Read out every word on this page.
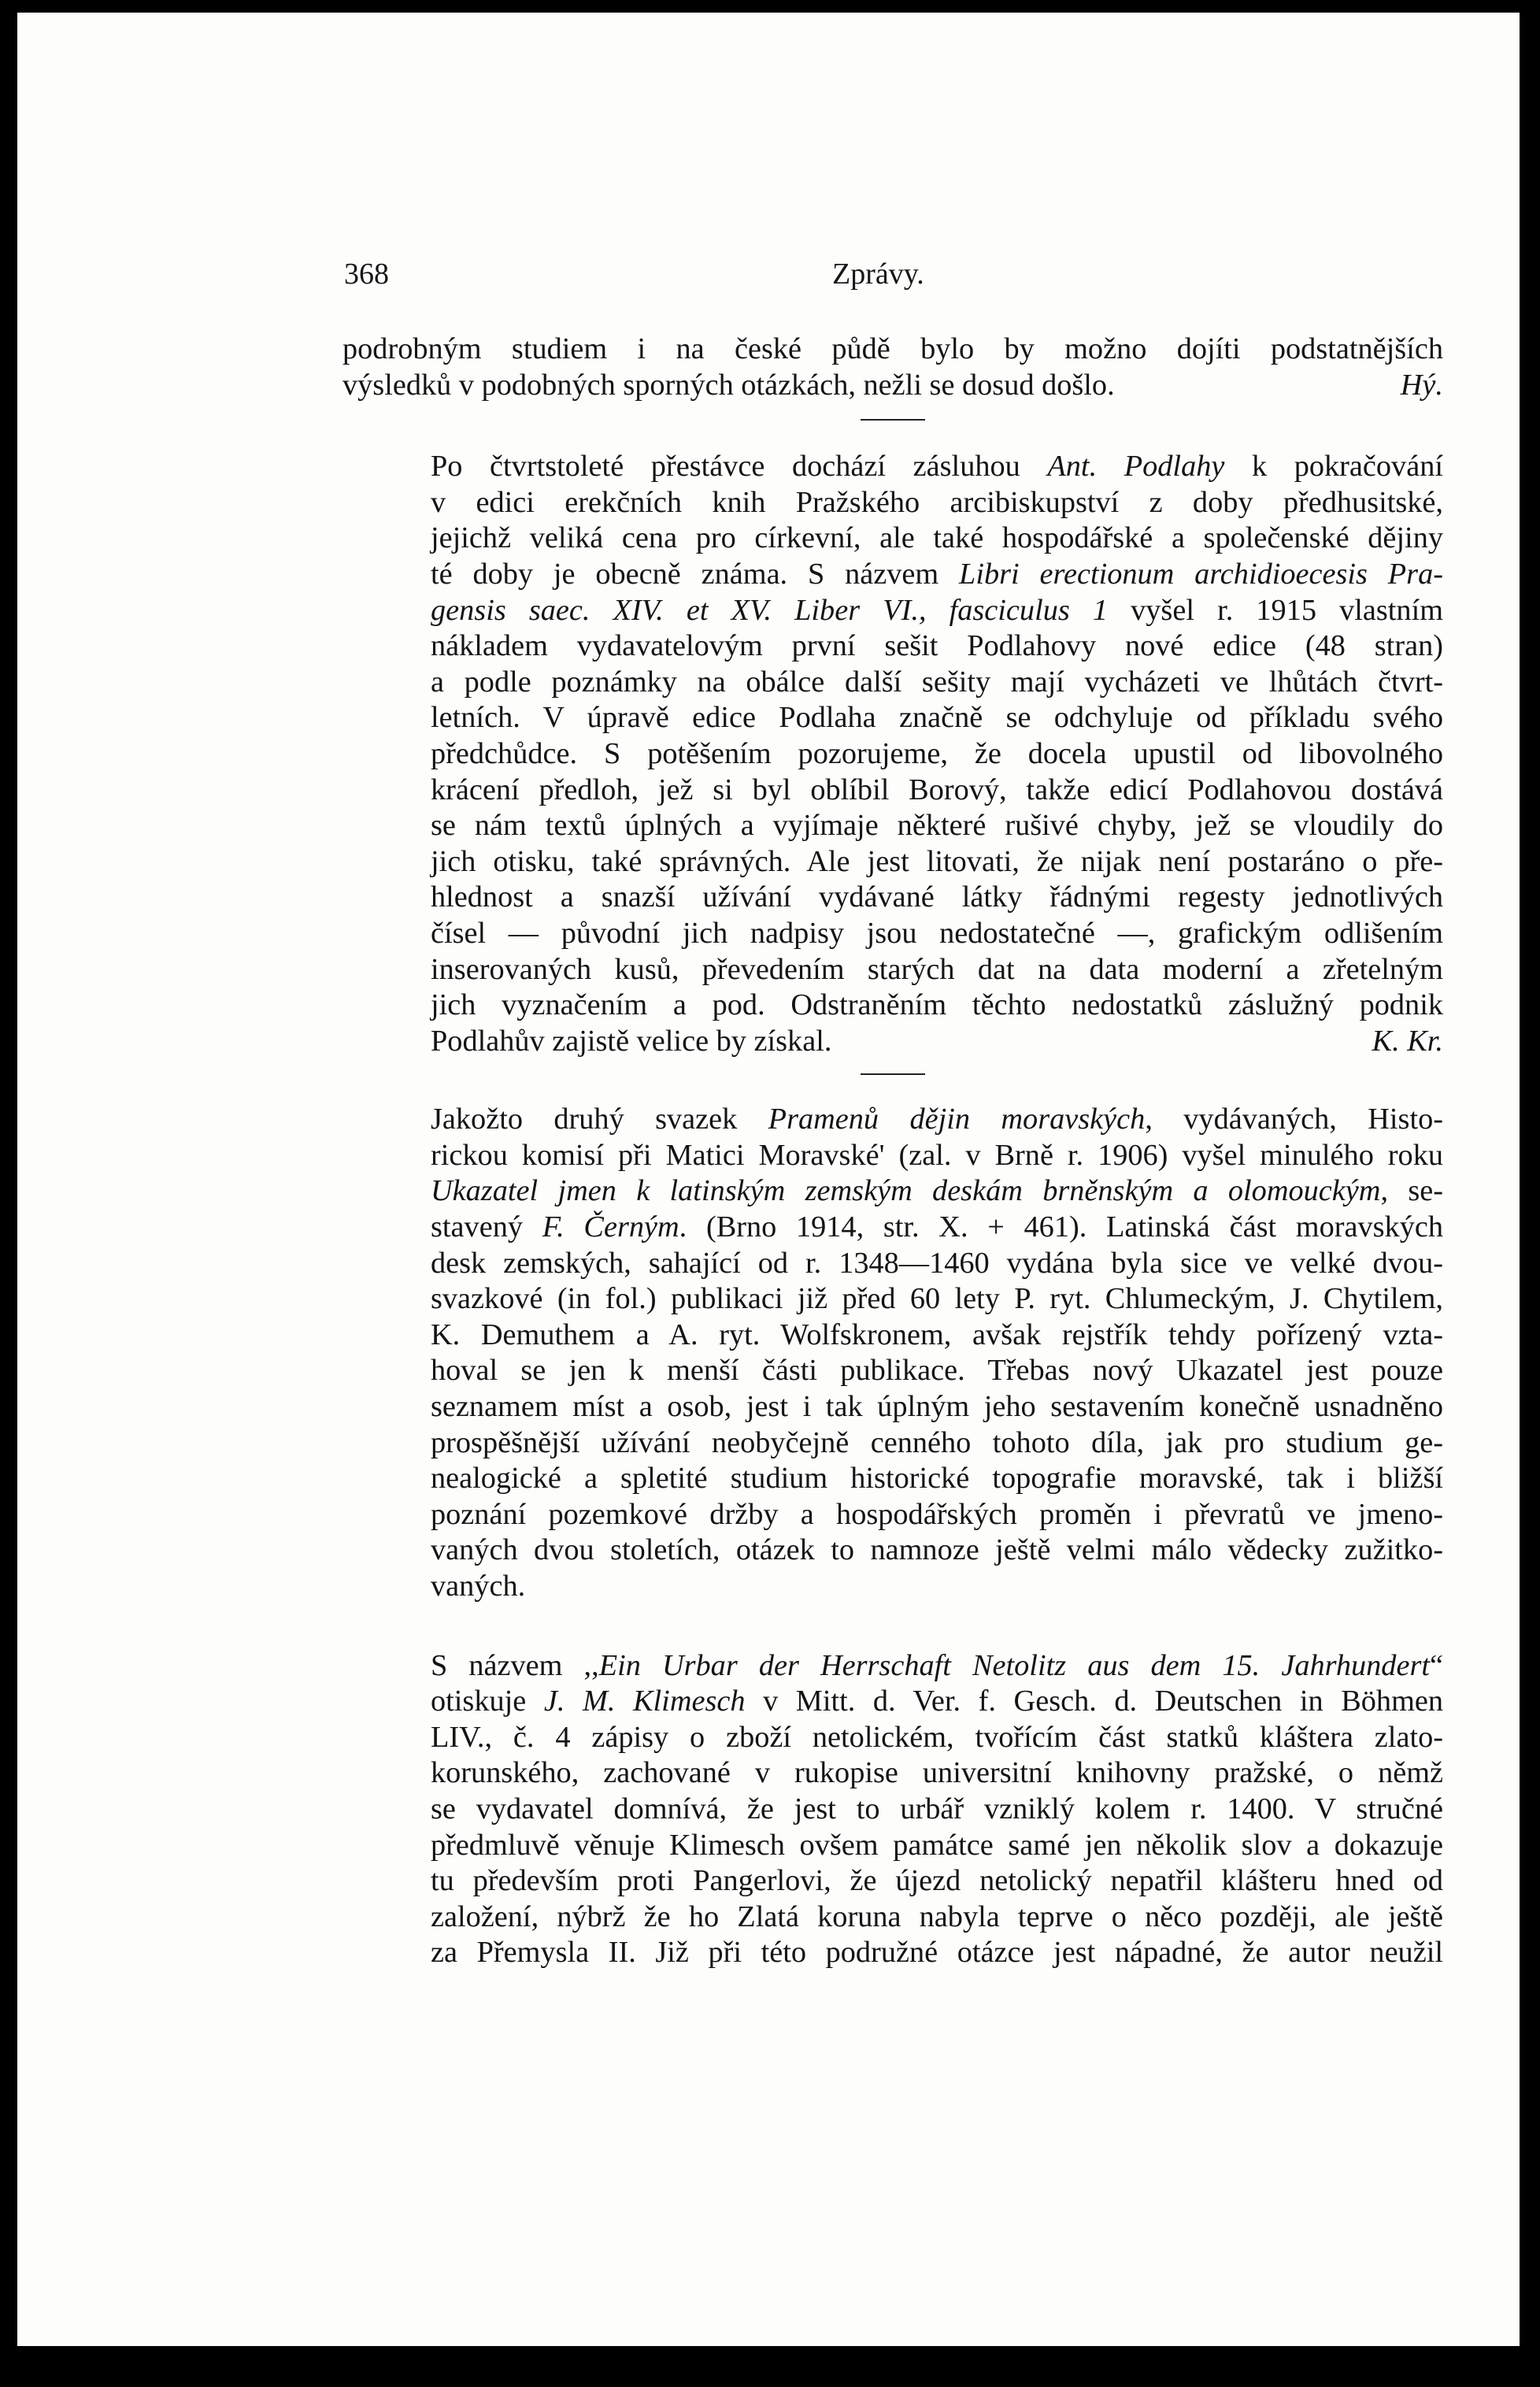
368	Zprávy.
podrobným studiem i na české půdě bylo by možno dojíti podstatnějších
výsledků v podobných sporných otázkách, nežli se dosud došlo.	Hý.
Po čtvrtstoleté přestávce dochází zásluhou Ant. Podlahy k pokračování
v edici erekčních knih Pražského arcibiskupství z doby předhusitské,
jejichž veliká cena pro církevní, ale také hospodářské a společenské dějiny
té doby je obecně známa. S názvem Libri erectionum archidioecesis Pra-
gensis saec. XIV. et XV. Liber VI., fasciculus 1 vyšel r. 1915 vlastním
nákladem vydavatelovým první sešit Podlahovy nové edice (48 stran)
a podle poznámky na obálce další sešity mají vycházeti ve lhůtách čtvrt-
letních. V úpravě edice Podlaha značně se odchyluje od příkladu svého
předchůdce. S potěšením pozorujeme, že docela upustil od libovolného
krácení předloh, jež si byl oblíbil Borový, takže edicí Podlahovou dostává
se nám textů úplných a vyjímaje některé rušivé chyby, jež se vloudily do
jich otisku, také správných. Ale jest litovati, že nijak není postaráno o pře-
hlednost a snazší užívání vydávané látky řádnými regesty jednotlivých
čísel — původní jich nadpisy jsou nedostatečné —, grafickým odlišením
inserovaných kusů, převedením starých dat na data moderní a zřetelným
jich vyznačením a pod. Odstraněním těchto nedostatků záslužný podnik
Podlahův zajistě velice by získal.	K. Kr.
Jakožto druhý svazek Pramenů dějin moravských, vydávaných, Histo-
rickou komisí při Matici Moravské' (zal. v Brně r. 1906) vyšel minulého roku
Ukazatel jmen k latinským zemským deskám brněnským a olomouckým, se-
stavený F. Černým. (Brno 1914, str. X. + 461). Latinská část moravských
desk zemských, sahající od r. 1348—1460 vydána byla sice ve velké dvou-
svazkové (in fol.) publikaci již před 60 lety P. ryt. Chlumeckým, J. Chytilem,
K. Demuthem a A. ryt. Wolfskronem, avšak rejstřík tehdy pořízený vzta-
hoval se jen k menší části publikace. Třebas nový Ukazatel jest pouze
seznamem míst a osob, jest i tak úplným jeho sestavením konečně usnadněno
prospěšnější užívání neobyčejně cenného tohoto díla, jak pro studium ge-
nealogické a spletité studium historické topografie moravské, tak i bližší
poznání pozemkové držby a hospodářských proměn i převratů ve jmeno-
vaných dvou stoletích, otázek to namnoze ještě velmi málo vědecky zužitko-
vaných.
S názvem ,,Ein Urbar der Herrschaft Netolitz aus dem 15. Jahrhundert“
otiskuje J. M. Klimesch v Mitt. d. Ver. f. Gesch. d. Deutschen in Böhmen
LIV., č. 4 zápisy o zboží netolickém, tvořícím část statků kláštera zlato-
korunského, zachované v rukopise universitní knihovny pražské, o němž
se vydavatel domnívá, že jest to urbář vzniklý kolem r. 1400. V stručné
předmluvě věnuje Klimesch ovšem památce samé jen několik slov a dokazuje
tu především proti Pangerlovi, že újezd netolický nepatřil klášteru hned od
založení, nýbrž že ho Zlatá koruna nabyla teprve o něco později, ale ještě
za Přemysla II. Již při této podružné otázce jest nápadné, že autor neužil
